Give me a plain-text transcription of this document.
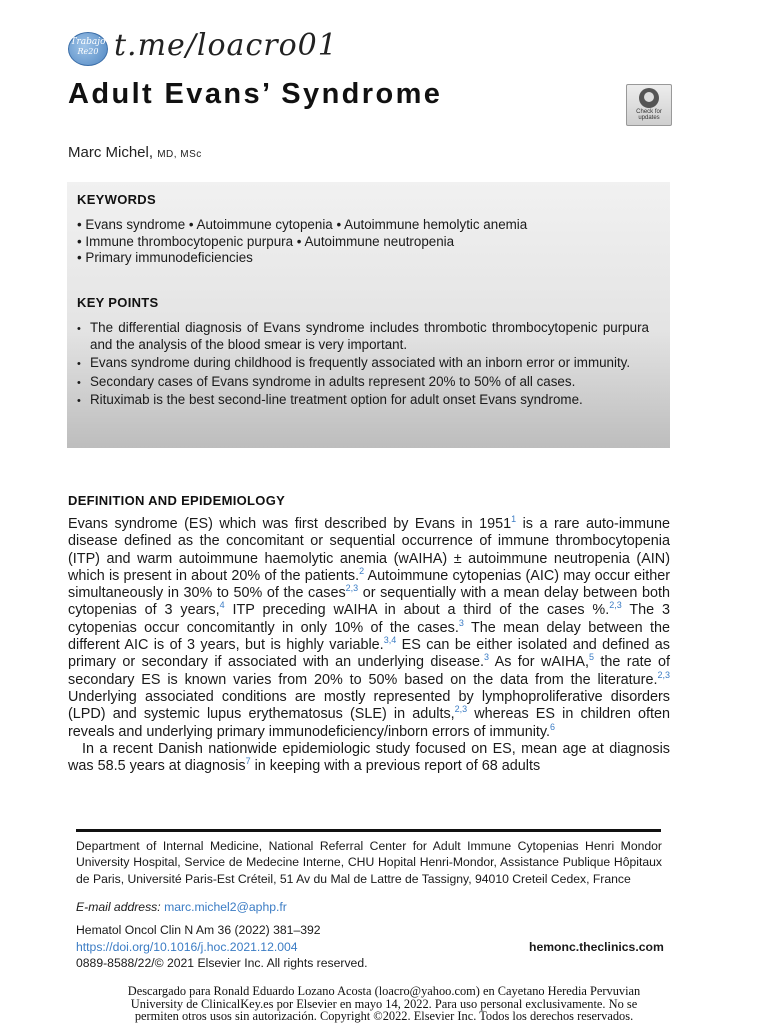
Trabajo
Re20 t.me/loacro01
Adult Evans’ Syndrome
Check for updates
Marc Michel, MD, MSc
KEYWORDS
• Evans syndrome • Autoimmune cytopenia • Autoimmune hemolytic anemia
• Immune thrombocytopenic purpura • Autoimmune neutropenia
• Primary immunodeficiencies
KEY POINTS
• The differential diagnosis of Evans syndrome includes thrombotic thrombocytopenic purpura and the analysis of the blood smear is very important.
• Evans syndrome during childhood is frequently associated with an inborn error or immunity.
• Secondary cases of Evans syndrome in adults represent 20% to 50% of all cases.
• Rituximab is the best second-line treatment option for adult onset Evans syndrome.
DEFINITION AND EPIDEMIOLOGY

Evans syndrome (ES) which was first described by Evans in 1951$^1$ is a rare auto-immune disease defined as the concomitant or sequential occurrence of immune thrombocytopenia (ITP) and warm autoimmune haemolytic anemia (wAIHA) ± autoimmune neutropenia (AIN) which is present in about 20% of the patients.$^2$ Autoimmune cytopenias (AIC) may occur either simultaneously in 30% to 50% of the cases$^{2,3}$ or sequentially with a mean delay between both cytopenias of 3 years,$^4$ ITP preceding wAIHA in about a third of the cases %.$^{2,3}$ The 3 cytopenias occur concomitantly in only 10% of the cases.$^3$ The mean delay between the different AIC is of 3 years, but is highly variable.$^{3,4}$ ES can be either isolated and defined as primary or secondary if associated with an underlying disease.$^3$ As for wAIHA,$^5$ the rate of secondary ES is known varies from 20% to 50% based on the data from the literature.$^{2,3}$ Underlying associated conditions are mostly represented by lymphoproliferative disorders (LPD) and systemic lupus erythematosus (SLE) in adults,$^{2,3}$ whereas ES in children often reveals and underlying primary immunodeficiency/inborn errors of immunity.$^6$

In a recent Danish nationwide epidemiologic study focused on ES, mean age at diagnosis was 58.5 years at diagnosis$^7$ in keeping with a previous report of 68 adults

Department of Internal Medicine, National Referral Center for Adult Immune Cytopenias Henri Mondor University Hospital, Service de Medecine Interne, CHU Hopital Henri-Mondor, Assistance Publique Hôpitaux de Paris, Université Paris-Est Créteil, 51 Av du Mal de Lattre de Tassigny, 94010 Creteil Cedex, France
E-mail address: marc.michel2@aphp.fr
Hematol Oncol Clin N Am 36 (2022) 381–392
https://doi.org/10.1016/j.hoc.2021.12.004
0889-8588/22/© 2021 Elsevier Inc. All rights reserved.
hemonc.theclinics.com
Descargado para Ronald Eduardo Lozano Acosta (loacro@yahoo.com) en Cayetano Heredia Pervuvian
University de ClinicalKey.es por Elsevier en mayo 14, 2022. Para uso personal exclusivamente. No se
permiten otros usos sin autorización. Copyright ©2022. Elsevier Inc. Todos los derechos reservados.
